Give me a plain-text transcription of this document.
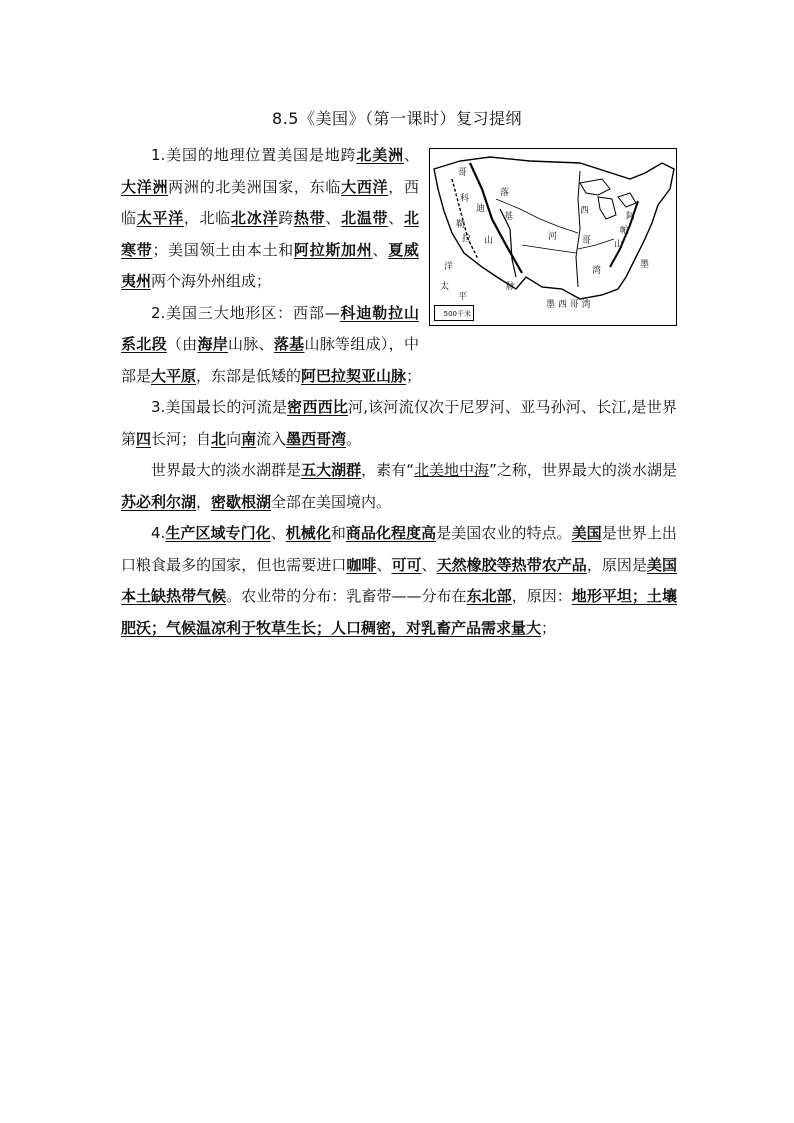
8.5《美国》（第一课时）复习提纲
哥
科
迪
勒
拉 山
落
基	阿
帕
山
墨
西
哥
湾
河
脉
洋
太
平
墨 西 哥 湾
500千米

1.美国的地理位置美国是地跨北美洲、大洋洲两洲的北美洲国家，东临大西洋，西临太平洋，北临北冰洋跨热带、北温带、北寒带；美国领土由本土和阿拉斯加州、夏威夷州两个海外州组成；

2.美国三大地形区：西部—科迪勒拉山系北段（由海岸山脉、落基山脉等组成），中部是大平原，东部是低矮的阿巴拉契亚山脉；

3.美国最长的河流是密西西比河,该河流仅次于尼罗河、亚马孙河、长江,是世界第四长河；自北向南流入墨西哥湾。

世界最大的淡水湖群是五大湖群，素有“北美地中海”之称，世界最大的淡水湖是苏必利尔湖，密歇根湖全部在美国境内。

4.生产区域专门化、机械化和商品化程度高是美国农业的特点。美国是世界上出口粮食最多的国家，但也需要进口咖啡、可可、天然橡胶等热带农产品，原因是美国本土缺热带气候。农业带的分布：乳畜带——分布在东北部，原因：地形平坦；土壤肥沃；气候温凉利于牧草生长；人口稠密，对乳畜产品需求量大；
